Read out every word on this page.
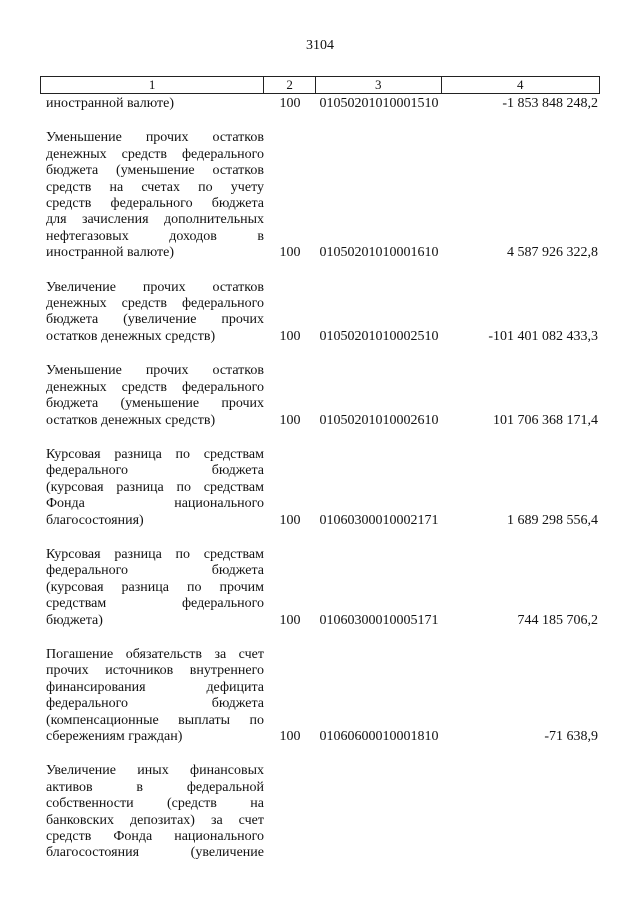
3104
1	2	3	4
иностранной валюте)	100	01050201010001510	-1 853 848 248,2
Уменьшение прочих остатков
денежных средств федерального
бюджета (уменьшение остатков
средств на счетах по учету
средств федерального бюджета
для зачисления дополнительных
нефтегазовых доходов в
иностранной валюте)	100	01050201010001610	4 587 926 322,8
Увеличение прочих остатков
денежных средств федерального
бюджета (увеличение прочих
остатков денежных средств)	100	01050201010002510	-101 401 082 433,3
Уменьшение прочих остатков
денежных средств федерального
бюджета (уменьшение прочих
остатков денежных средств)	100	01050201010002610	101 706 368 171,4
Курсовая разница по средствам
федерального бюджета
(курсовая разница по средствам
Фонда национального
благосостояния)	100	01060300010002171	1 689 298 556,4
Курсовая разница по средствам
федерального бюджета
(курсовая разница по прочим
средствам федерального
бюджета)	100	01060300010005171	744 185 706,2
Погашение обязательств за счет
прочих источников внутреннего
финансирования дефицита
федерального бюджета
(компенсационные выплаты по
сбережениям граждан)	100	01060600010001810	-71 638,9
Увеличение иных финансовых
активов в федеральной
собственности (средств на
банковских депозитах) за счет
средств Фонда национального
благосостояния (увеличение
